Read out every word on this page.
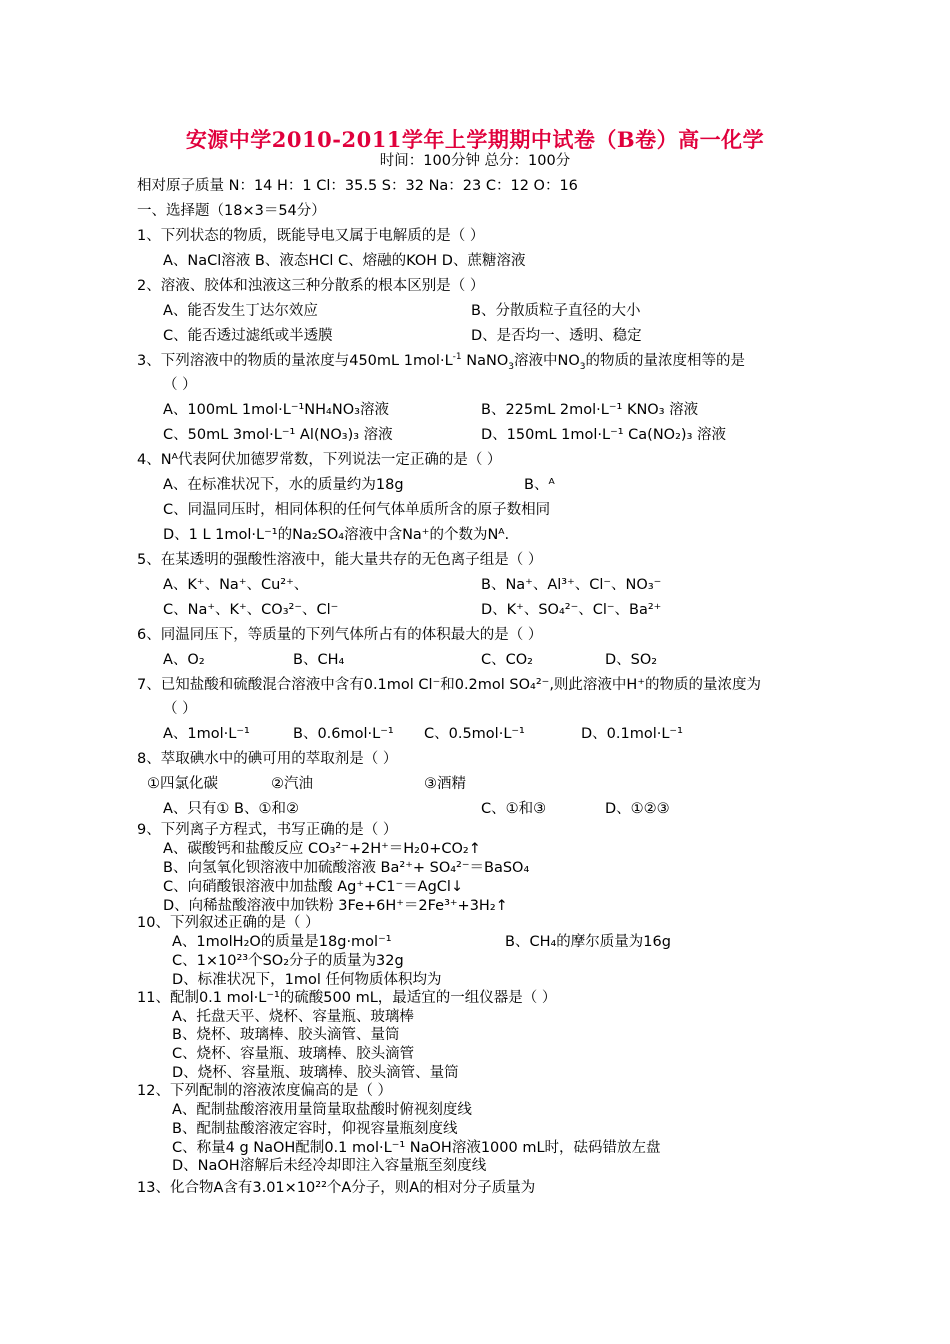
安源中学2010-2011学年上学期期中试卷（B卷）高一化学
时间：100分钟 总分：100分
相对原子质量 N：14 H：1 Cl：35.5 S：32 Na：23 C：12 O：16
一、选择题（18×3＝54分）
1、下列状态的物质，既能导电又属于电解质的是（ ）
A、NaCl溶液 B、液态HCl C、熔融的KOH D、蔗糖溶液
2、溶液、胶体和浊液这三种分散系的根本区别是（ ）
A、能否发生丁达尔效应	B、分散质粒子直径的大小
C、能否透过滤纸或半透膜	D、是否均一、透明、稳定
3、下列溶液中的物质的量浓度与450mL $1mol\cdot L^{-1}$ NaNO$_3$溶液中$NO_3$的物质的量浓度相等的是
（ ）
A、100mL 1mol·L⁻¹NH₄NO₃溶液	B、225mL 2mol·L⁻¹ KNO₃ 溶液
C、50mL 3mol·L⁻¹ Al(NO₃)₃ 溶液	D、150mL 1mol·L⁻¹ Ca(NO₂)₃ 溶液
4、Nᴬ代表阿伏加德罗常数，下列说法一定正确的是（ ）
A、在标准状况下，水的质量约为18g	B、ᴬ
C、同温同压时，相同体积的任何气体单质所含的原子数相同
D、1 L 1mol·L⁻¹的Na₂SO₄溶液中含Na⁺的个数为Nᴬ.
5、在某透明的强酸性溶液中，能大量共存的无色离子组是（ ）
A、K⁺、Na⁺、Cu²⁺、	B、Na⁺、Al³⁺、Cl⁻、NO₃⁻
C、Na⁺、K⁺、CO₃²⁻、Cl⁻	D、K⁺、SO₄²⁻、Cl⁻、Ba²⁺
6、同温同压下，等质量的下列气体所占有的体积最大的是（ ）
A、O₂	B、CH₄	C、CO₂	D、SO₂
7、已知盐酸和硫酸混合溶液中含有0.1mol Cl⁻和0.2mol SO₄²⁻,则此溶液中H⁺的物质的量浓度为
（ ）
A、1mol·L⁻¹	B、0.6mol·L⁻¹ C、0.5mol·L⁻¹	D、0.1mol·L⁻¹
8、萃取碘水中的碘可用的萃取剂是（ ）
①四氯化碳	②汽油	③酒精
A、只有① B、①和②	C、①和③	D、①②③
9、下列离子方程式，书写正确的是（ ）
A、碳酸钙和盐酸反应 CO₃²⁻+2H⁺＝H₂0+CO₂↑
B、向氢氧化钡溶液中加硫酸溶液 Ba²⁺+ SO₄²⁻＝BaSO₄
C、向硝酸银溶液中加盐酸 Ag⁺+C1⁻＝AgCl↓
D、向稀盐酸溶液中加铁粉 3Fe+6H⁺＝2Fe³⁺+3H₂↑
10、下列叙述正确的是（ ）
A、1molH₂O的质量是18g·mol⁻¹	B、CH₄的摩尔质量为16g
C、1×10²³个SO₂分子的质量为32g
D、标准状况下，1mol 任何物质体积均为
11、配制0.1 mol·L⁻¹的硫酸500 mL，最适宜的一组仪器是（ ）
A、托盘天平、烧杯、容量瓶、玻璃棒
B、烧杯、玻璃棒、胶头滴管、量筒
C、烧杯、容量瓶、玻璃棒、胶头滴管
D、烧杯、容量瓶、玻璃棒、胶头滴管、量筒
12、下列配制的溶液浓度偏高的是（ ）
A、配制盐酸溶液用量筒量取盐酸时俯视刻度线
B、配制盐酸溶液定容时，仰视容量瓶刻度线
C、称量4 g NaOH配制0.1 mol·L⁻¹ NaOH溶液1000 mL时，砝码错放左盘
D、NaOH溶解后未经冷却即注入容量瓶至刻度线
13、化合物A含有3.01×10²²个A分子，则A的相对分子质量为
